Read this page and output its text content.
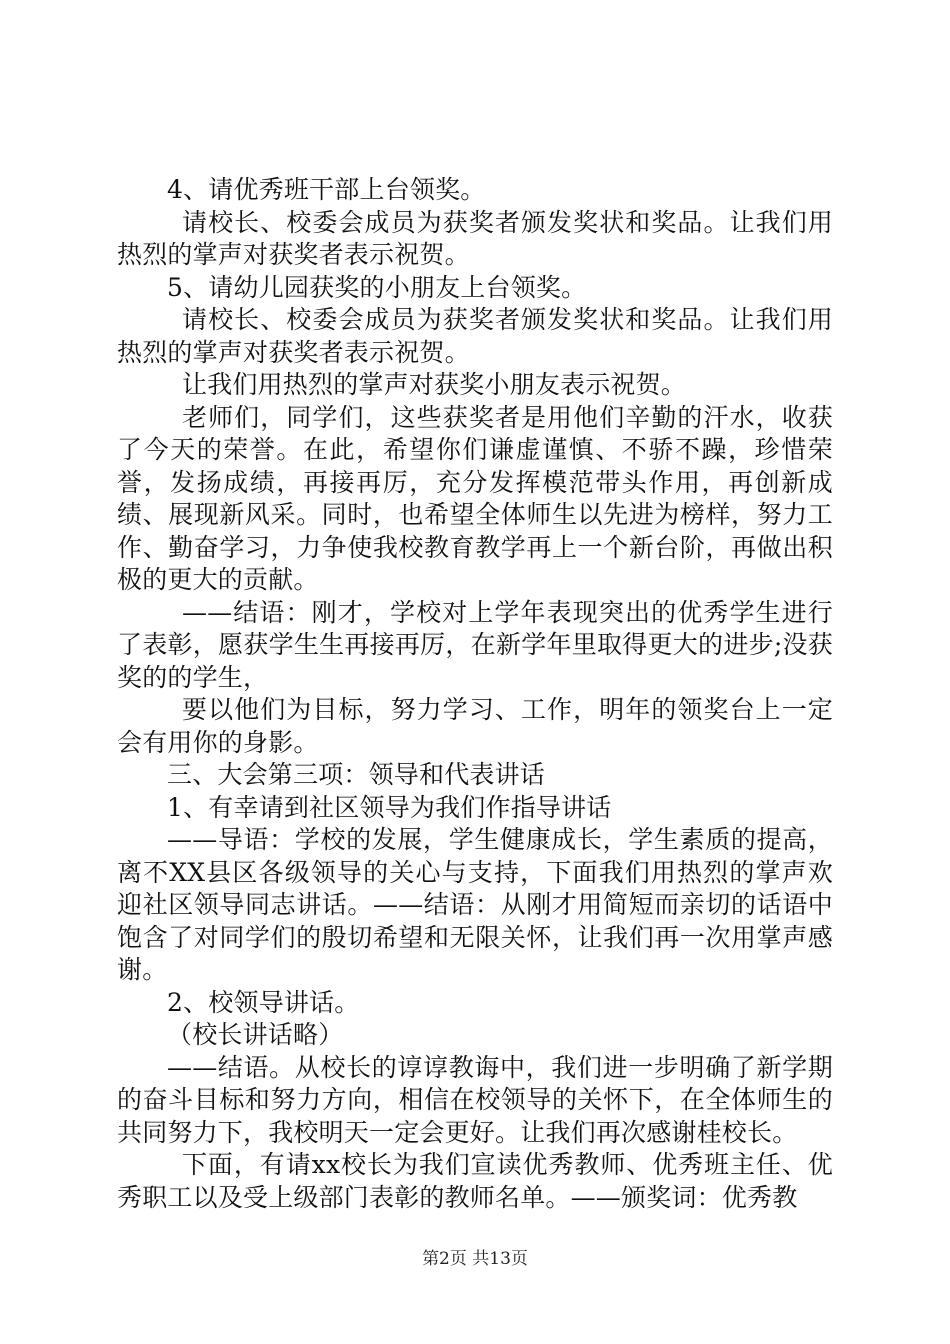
4、请优秀班干部上台领奖。

请校长、校委会成员为获奖者颁发奖状和奖品。让我们用热烈的掌声对获奖者表示祝贺。

5、请幼儿园获奖的小朋友上台领奖。

请校长、校委会成员为获奖者颁发奖状和奖品。让我们用热烈的掌声对获奖者表示祝贺。

让我们用热烈的掌声对获奖小朋友表示祝贺。

老师们，同学们，这些获奖者是用他们辛勤的汗水，收获了今天的荣誉。在此，希望你们谦虚谨慎、不骄不躁，珍惜荣誉，发扬成绩，再接再厉，充分发挥模范带头作用，再创新成绩、展现新风采。同时，也希望全体师生以先进为榜样，努力工作、勤奋学习，力争使我校教育教学再上一个新台阶，再做出积极的更大的贡献。

——结语：刚才，学校对上学年表现突出的优秀学生进行了表彰，愿获学生生再接再厉，在新学年里取得更大的进步;没获奖的的学生，

要以他们为目标，努力学习、工作，明年的领奖台上一定会有用你的身影。

三、大会第三项：领导和代表讲话

1、有幸请到社区领导为我们作指导讲话

——导语：学校的发展，学生健康成长，学生素质的提高，离不XX县区各级领导的关心与支持，下面我们用热烈的掌声欢迎社区领导同志讲话。——结语：从刚才用简短而亲切的话语中饱含了对同学们的殷切希望和无限关怀，让我们再一次用掌声感谢。

2、校领导讲话。

（校长讲话略）

——结语。从校长的谆谆教诲中，我们进一步明确了新学期的奋斗目标和努力方向，相信在校领导的关怀下，在全体师生的共同努力下，我校明天一定会更好。让我们再次感谢桂校长。

下面，有请xx校长为我们宣读优秀教师、优秀班主任、优秀职工以及受上级部门表彰的教师名单。——颁奖词：优秀教

第2页 共13页
